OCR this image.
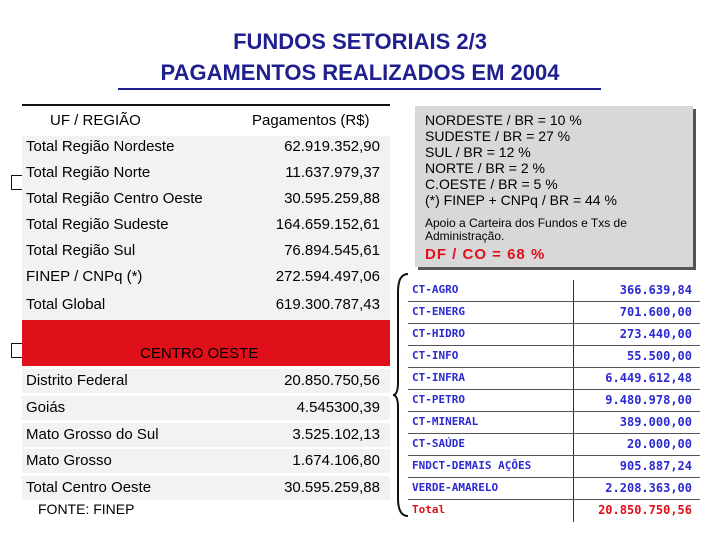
FUNDOS SETORIAIS 2/3
PAGAMENTOS REALIZADOS EM 2004
UF / REGIÃO	Pagamentos (R$)
Total Região Nordeste	62.919.352,90
Total Região Norte	11.637.979,37
Total Região Centro Oeste	30.595.259,88
Total Região Sudeste	164.659.152,61
Total Região Sul	76.894.545,61
FINEP / CNPq (*)	272.594.497,06
Total Global	619.300.787,43
CENTRO OESTE
Distrito Federal	20.850.750,56
Goiás	4.545300,39
Mato Grosso do Sul	3.525.102,13
Mato Grosso	1.674.106,80
Total Centro Oeste	30.595.259,88
FONTE: FINEP
NORDESTE / BR = 10 %
SUDESTE / BR = 27 %
SUL / BR = 12 %
NORTE / BR = 2 %
C.OESTE / BR = 5 %
(*) FINEP + CNPq / BR = 44 %
Apoio a Carteira dos Fundos e Txs de Administração.
DF / CO = 68 %
CT-AGRO	366.639,84
CT-ENERG	701.600,00
CT-HIDRO	273.440,00
CT-INFO	55.500,00
CT-INFRA	6.449.612,48
CT-PETRO	9.480.978,00
CT-MINERAL	389.000,00
CT-SAÚDE	20.000,00
FNDCT-DEMAIS AÇÕES	905.887,24
VERDE-AMARELO	2.208.363,00
Total	20.850.750,56
